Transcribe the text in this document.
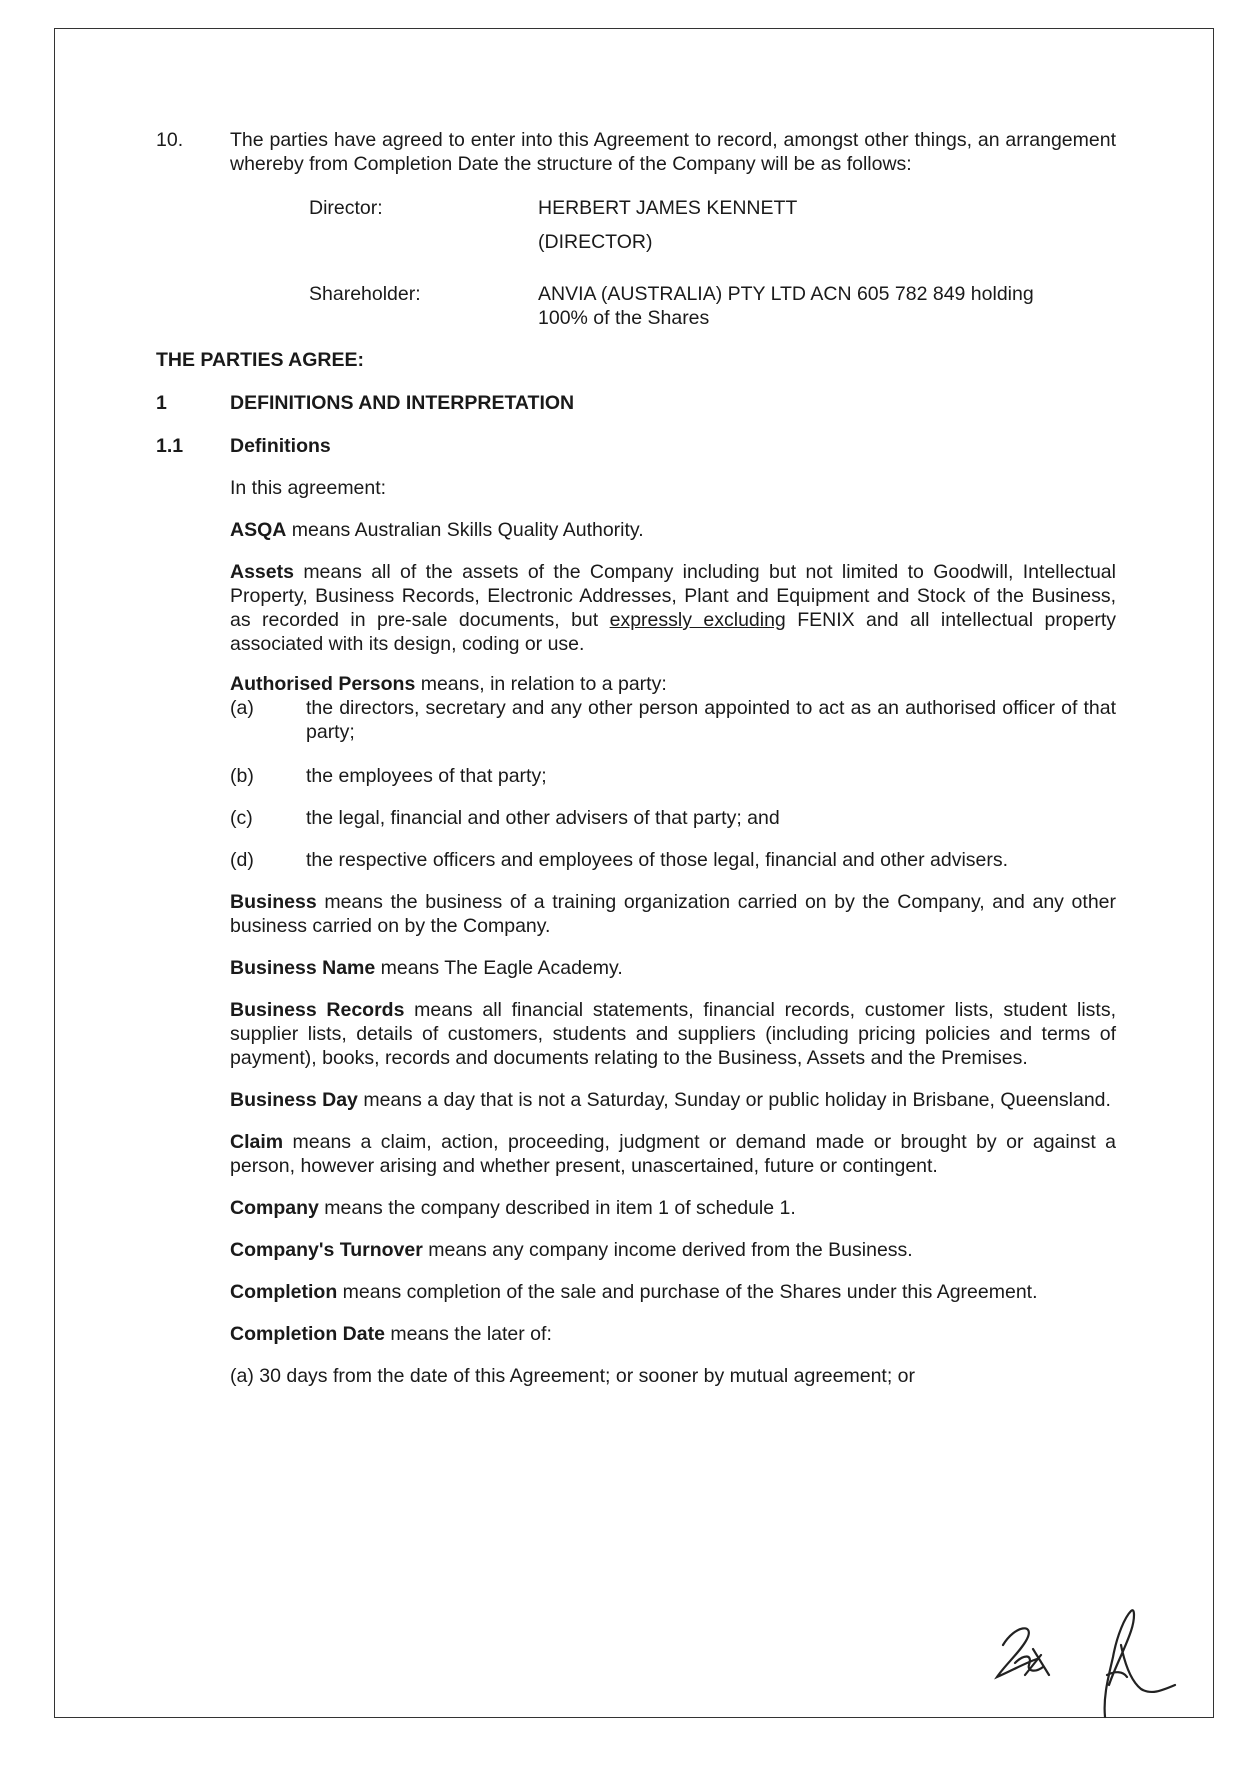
10.	The parties have agreed to enter into this Agreement to record, amongst other things, an arrangement whereby from Completion Date the structure of the Company will be as follows:
Director:	HERBERT JAMES KENNETT
(DIRECTOR)
Shareholder:	ANVIA (AUSTRALIA) PTY LTD ACN 605 782 849 holding
100% of the Shares
THE PARTIES AGREE:
1	DEFINITIONS AND INTERPRETATION
1.1	Definitions
In this agreement:
ASQA means Australian Skills Quality Authority.
Assets means all of the assets of the Company including but not limited to Goodwill, Intellectual Property, Business Records, Electronic Addresses, Plant and Equipment and Stock of the Business, as recorded in pre-sale documents, but expressly excluding FENIX and all intellectual property associated with its design, coding or use.
Authorised Persons means, in relation to a party:
(a)	the directors, secretary and any other person appointed to act as an authorised officer of that party;
(b)	the employees of that party;
(c)	the legal, financial and other advisers of that party; and
(d)	the respective officers and employees of those legal, financial and other advisers.
Business means the business of a training organization carried on by the Company, and any other business carried on by the Company.
Business Name means The Eagle Academy.
Business Records means all financial statements, financial records, customer lists, student lists, supplier lists, details of customers, students and suppliers (including pricing policies and terms of payment), books, records and documents relating to the Business, Assets and the Premises.
Business Day means a day that is not a Saturday, Sunday or public holiday in Brisbane, Queensland.
Claim means a claim, action, proceeding, judgment or demand made or brought by or against a person, however arising and whether present, unascertained, future or contingent.
Company means the company described in item 1 of schedule 1.
Company's Turnover means any company income derived from the Business.
Completion means completion of the sale and purchase of the Shares under this Agreement.
Completion Date means the later of:
(a) 30 days from the date of this Agreement; or sooner by mutual agreement; or
